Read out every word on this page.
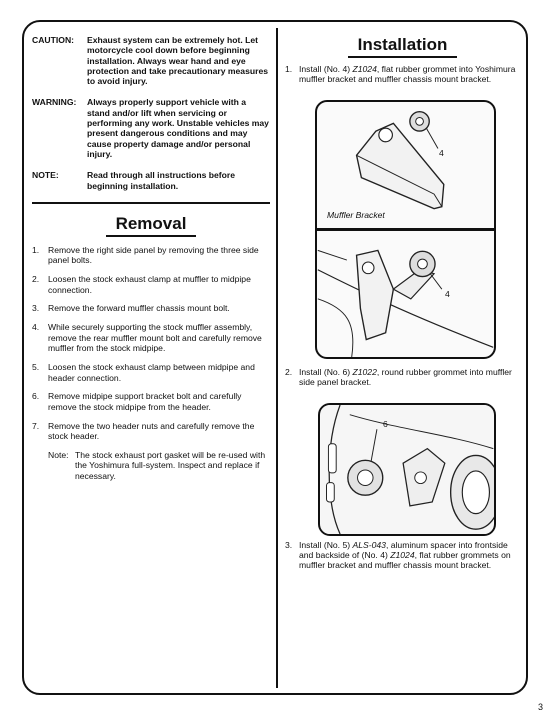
CAUTION:	Exhaust system can be extremely hot. Let motorcycle cool down before beginning installation. Always wear hand and eye protection and take precautionary measures to avoid injury.
WARNING:	Always properly support vehicle with a stand and/or lift when servicing or performing any work. Unstable vehicles may present dangerous conditions and may cause property damage and/or personal injury.
NOTE:	Read through all instructions before beginning installation.
Removal
1.	Remove the right side panel by removing the three side panel bolts.
2.	Loosen the stock exhaust clamp at muffler to midpipe connection.
3.	Remove the forward muffler chassis mount bolt.
4.	While securely supporting the stock muffler assembly, remove the rear muffler mount bolt and carefully remove muffler from the stock midpipe.
5.	Loosen the stock exhaust clamp between midpipe and header connection.
6.	Remove midpipe support bracket bolt and carefully remove the stock midpipe from the header.
7.	Remove the two header nuts and carefully remove the stock header.
Note: The stock exhaust port gasket will be re-used with the Yoshimura full-system. Inspect and replace if necessary.
Installation
1. Install (No. 4) Z1024, flat rubber grommet into Yoshimura muffler bracket and muffler chassis mount bracket.
2. Install (No. 6) Z1022, round rubber grommet into muffler side panel bracket.
3. Install (No. 5) ALS-043, aluminum spacer into frontside and backside of (No. 4) Z1024, flat rubber grommets on muffler bracket and muffler chassis mount bracket.
4
Muffler Bracket
4
6
3
